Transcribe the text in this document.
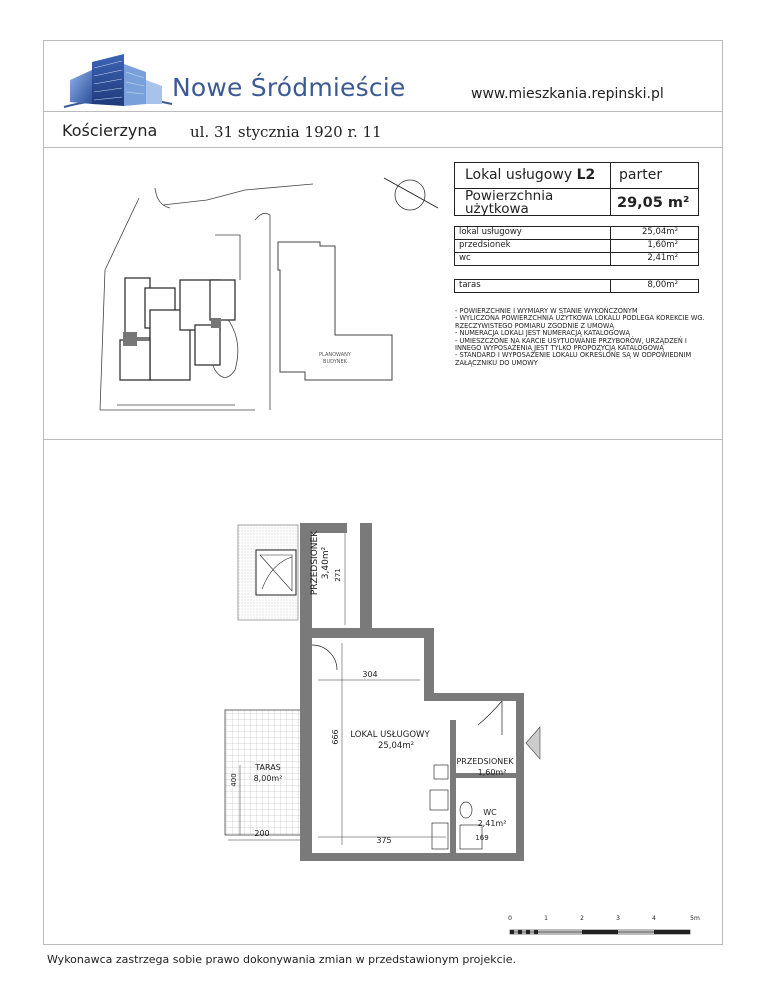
Nowe Śródmieście	www.mieszkania.repinski.pl
Kościerzyna ul. 31 stycznia 1920 r. 11
Lokal usługowy L2 parter
Powierzchnia użytkowa	29,05 m²
lokal usługowy	25,04m²
przedsionek	1,60m²
wc	2,41m²
taras	8,00m²
- POWIERZCHNIE I WYMIARY W STANIE WYKOŃCZONYM
- WYLICZONA POWIERZCHNIA UŻYTKOWA LOKALU PODLEGA KOREKCIE WG. RZECZYWISTEGO POMIARU ZGODNIE Z UMOWĄ
- NUMERACJA LOKALI JEST NUMERACJĄ KATALOGOWĄ
- UMIESZCZONE NA KARCIE USYTUOWANIE PRZYBORÓW, URZĄDZEŃ I INNEGO WYPOSAŻENIA JEST TYLKO PROPOZYCJĄ KATALOGOWĄ
- STANDARD I WYPOSAŻENIE LOKALU OKREŚLONE SĄ W ODPOWIEDNIM ZAŁĄCZNIKU DO UMOWY
PLANOWANY
BUDYNEK
PRZEDSIONEK 3,40m² 271
304
666 LOKAL USŁUGOWY
25,04m²
375
TARAS
8,00m²
400
200
PRZEDSIONEK
1,60m²
WC
2,41m²
169
0	1	2	3	4	5m
Wykonawca zastrzega sobie prawo dokonywania zmian w przedstawionym projekcie.
